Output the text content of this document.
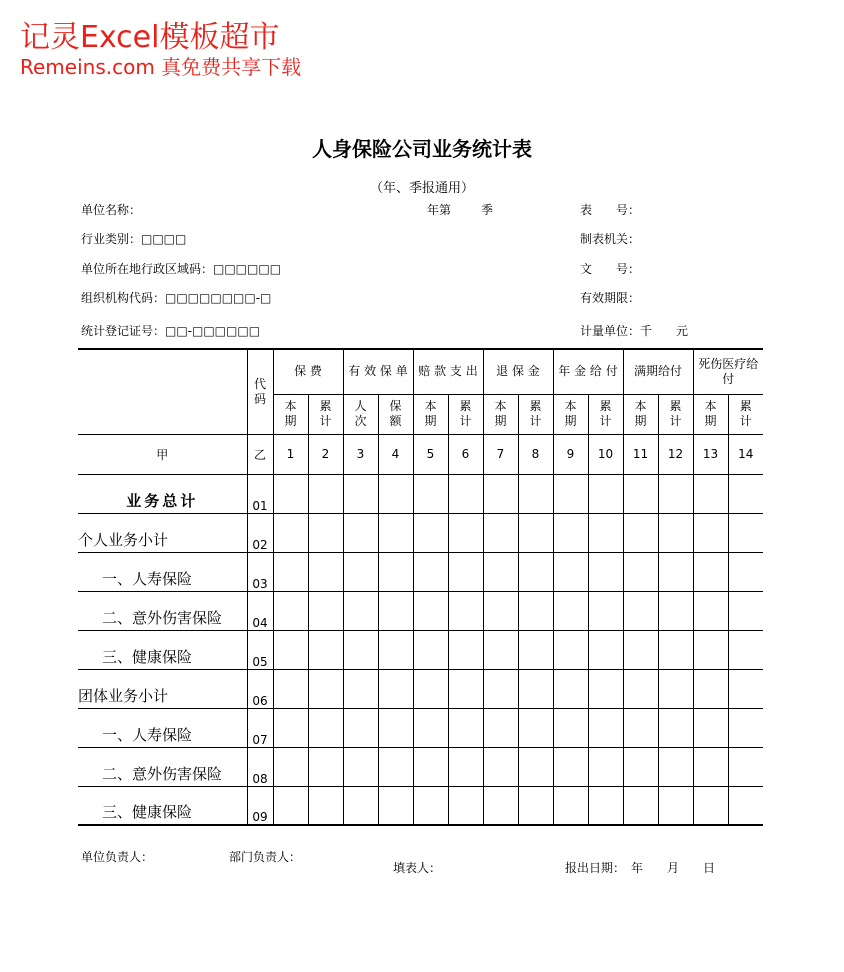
记灵Excel模板超市
Remeins.com 真免费共享下载
人身保险公司业务统计表
（年、季报通用）
单位名称：	年第 季	表　　号：
行业类别：□□□□	制表机关：
单位所在地行政区域码：□□□□□□	文　　号：
组织机构代码：□□□□□□□□-□	有效期限：
统计登记证号：□□-□□□□□□	计量单位：千　　元
	代码	保 费		有 效 保 单		赔 款 支 出		退 保 金		年 金 给 付		满期给付		死伤医疗给付	
		本期	累计	人次	保额	本期	累计	本期	累计	本期	累计	本期	累计	本期	累计
甲	乙	1	2	3	4	5	6	7	8	9	10	11	12	13	14
业务总计	01														
个人业务小计	02														
一、人寿保险	03														
二、意外伤害保险	04														
三、健康保险	05														
团体业务小计	06														
一、人寿保险	07														
二、意外伤害保险	08														
三、健康保险	09														
单位负责人：	部门负责人：
填表人：	报出日期：　年　　月　　日
